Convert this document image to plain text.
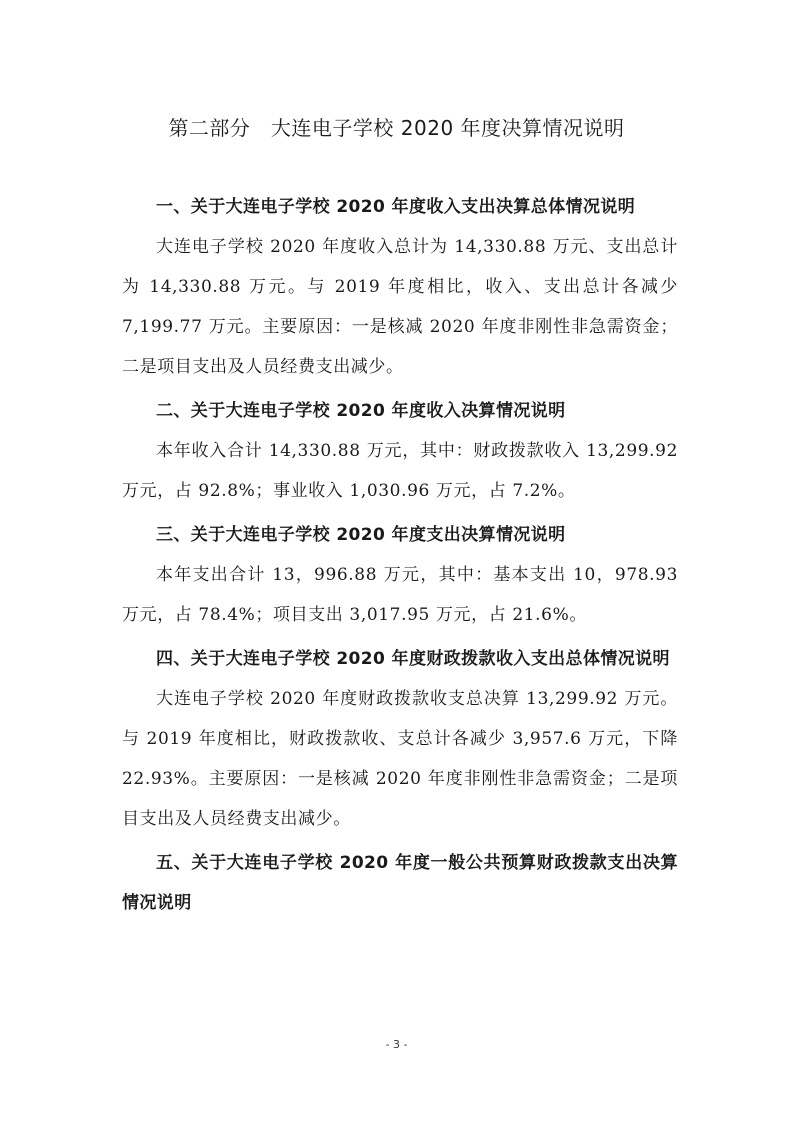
第二部分　大连电子学校 2020 年度决算情况说明

一、关于大连电子学校 2020 年度收入支出决算总体情况说明

大连电子学校 2020 年度收入总计为 14,330.88 万元、支出总计为 14,330.88 万元。与 2019 年度相比，收入、支出总计各减少 7,199.77 万元。主要原因：一是核减 2020 年度非刚性非急需资金；二是项目支出及人员经费支出减少。

二、关于大连电子学校 2020 年度收入决算情况说明

本年收入合计 14,330.88 万元，其中：财政拨款收入 13,299.92 万元，占 92.8%；事业收入 1,030.96 万元，占 7.2%。

三、关于大连电子学校 2020 年度支出决算情况说明

本年支出合计 13，996.88 万元，其中：基本支出 10，978.93 万元，占 78.4%；项目支出 3,017.95 万元，占 21.6%。

四、关于大连电子学校 2020 年度财政拨款收入支出总体情况说明

大连电子学校 2020 年度财政拨款收支总决算 13,299.92 万元。与 2019 年度相比，财政拨款收、支总计各减少 3,957.6 万元，下降 22.93%。主要原因：一是核减 2020 年度非刚性非急需资金；二是项目支出及人员经费支出减少。

五、关于大连电子学校 2020 年度一般公共预算财政拨款支出决算情况说明

- 3 -
